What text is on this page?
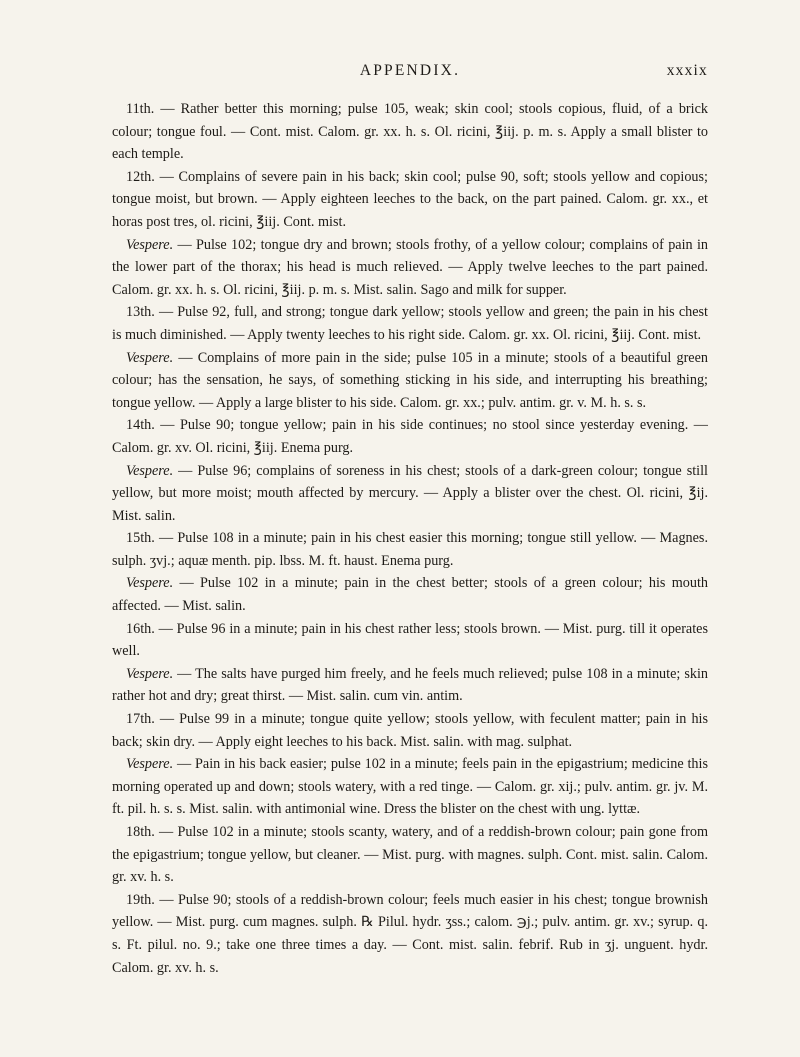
APPENDIX.	xxxix

11th. — Rather better this morning; pulse 105, weak; skin cool; stools copious, fluid, of a brick colour; tongue foul. — Cont. mist. Calom. gr. xx. h. s. Ol. ricini, ℥iij. p. m. s. Apply a small blister to each temple.

12th. — Complains of severe pain in his back; skin cool; pulse 90, soft; stools yellow and copious; tongue moist, but brown. — Apply eighteen leeches to the back, on the part pained. Calom. gr. xx., et horas post tres, ol. ricini, ℥iij. Cont. mist.

Vespere. — Pulse 102; tongue dry and brown; stools frothy, of a yellow colour; complains of pain in the lower part of the thorax; his head is much relieved. — Apply twelve leeches to the part pained. Calom. gr. xx. h. s. Ol. ricini, ℥iij. p. m. s. Mist. salin. Sago and milk for supper.

13th. — Pulse 92, full, and strong; tongue dark yellow; stools yellow and green; the pain in his chest is much diminished. — Apply twenty leeches to his right side. Calom. gr. xx. Ol. ricini, ℥iij. Cont. mist.

Vespere. — Complains of more pain in the side; pulse 105 in a minute; stools of a beautiful green colour; has the sensation, he says, of something sticking in his side, and interrupting his breathing; tongue yellow. — Apply a large blister to his side. Calom. gr. xx.; pulv. antim. gr. v. M. h. s. s.

14th. — Pulse 90; tongue yellow; pain in his side continues; no stool since yesterday evening. — Calom. gr. xv. Ol. ricini, ℥iij. Enema purg.

Vespere. — Pulse 96; complains of soreness in his chest; stools of a dark-green colour; tongue still yellow, but more moist; mouth affected by mercury. — Apply a blister over the chest. Ol. ricini, ℥ij. Mist. salin.

15th. — Pulse 108 in a minute; pain in his chest easier this morning; tongue still yellow. — Magnes. sulph. ʒvj.; aquæ menth. pip. lbss. M. ft. haust. Enema purg.

Vespere. — Pulse 102 in a minute; pain in the chest better; stools of a green colour; his mouth affected. — Mist. salin.

16th. — Pulse 96 in a minute; pain in his chest rather less; stools brown. — Mist. purg. till it operates well.

Vespere. — The salts have purged him freely, and he feels much relieved; pulse 108 in a minute; skin rather hot and dry; great thirst. — Mist. salin. cum vin. antim.

17th. — Pulse 99 in a minute; tongue quite yellow; stools yellow, with feculent matter; pain in his back; skin dry. — Apply eight leeches to his back. Mist. salin. with mag. sulphat.

Vespere. — Pain in his back easier; pulse 102 in a minute; feels pain in the epigastrium; medicine this morning operated up and down; stools watery, with a red tinge. — Calom. gr. xij.; pulv. antim. gr. jv. M. ft. pil. h. s. s. Mist. salin. with antimonial wine. Dress the blister on the chest with ung. lyttæ.

18th. — Pulse 102 in a minute; stools scanty, watery, and of a reddish-brown colour; pain gone from the epigastrium; tongue yellow, but cleaner. — Mist. purg. with magnes. sulph. Cont. mist. salin. Calom. gr. xv. h. s.

19th. — Pulse 90; stools of a reddish-brown colour; feels much easier in his chest; tongue brownish yellow. — Mist. purg. cum magnes. sulph. ℞ Pilul. hydr. ʒss.; calom. ℈j.; pulv. antim. gr. xv.; syrup. q. s. Ft. pilul. no. 9.; take one three times a day. — Cont. mist. salin. febrif. Rub in ʒj. unguent. hydr. Calom. gr. xv. h. s.
